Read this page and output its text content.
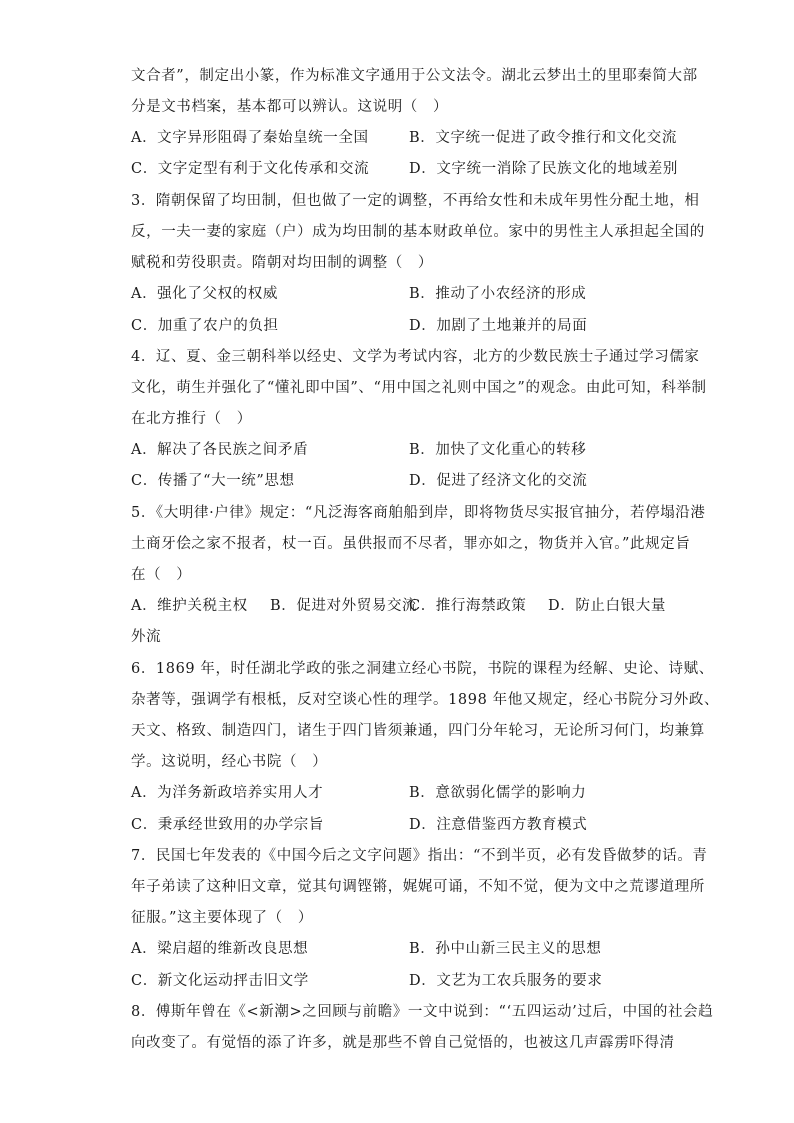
文合者”，制定出小篆，作为标准文字通用于公文法令。湖北云梦出土的里耶秦简大部
分是文书档案，基本都可以辨认。这说明（　）
A．文字异形阻碍了秦始皇统一全国	B．文字统一促进了政令推行和文化交流
C．文字定型有利于文化传承和交流	D．文字统一消除了民族文化的地域差别
3．隋朝保留了均田制，但也做了一定的调整，不再给女性和未成年男性分配土地，相
反，一夫一妻的家庭（户）成为均田制的基本财政单位。家中的男性主人承担起全国的
赋税和劳役职责。隋朝对均田制的调整（　）
A．强化了父权的权威	B．推动了小农经济的形成
C．加重了农户的负担	D．加剧了土地兼并的局面
4．辽、夏、金三朝科举以经史、文学为考试内容，北方的少数民族士子通过学习儒家
文化，萌生并强化了“懂礼即中国”、“用中国之礼则中国之”的观念。由此可知，科举制
在北方推行（　）
A．解决了各民族之间矛盾	B．加快了文化重心的转移
C．传播了“大一统”思想	D．促进了经济文化的交流
5．《大明律·户律》规定：“凡泛海客商舶船到岸，即将物货尽实报官抽分，若停塌沿港
土商牙侩之家不报者，杖一百。虽供报而不尽者，罪亦如之，物货并入官。”此规定旨
在（　）
A．维护关税主权 B．促进对外贸易交流
C．推行海禁政策 D．防止白银大量
外流
6．1869 年，时任湖北学政的张之洞建立经心书院，书院的课程为经解、史论、诗赋、
杂著等，强调学有根柢，反对空谈心性的理学。1898 年他又规定，经心书院分习外政、
天文、格致、制造四门，诸生于四门皆须兼通，四门分年轮习，无论所习何门，均兼算
学。这说明，经心书院（　）
A．为洋务新政培养实用人才	B．意欲弱化儒学的影响力
C．秉承经世致用的办学宗旨	D．注意借鉴西方教育模式
7．民国七年发表的《中国今后之文字问题》指出：“不到半页，必有发昏做梦的话。青
年子弟读了这种旧文章，觉其句调铿锵，娓娓可诵，不知不觉，便为文中之荒谬道理所
征服。”这主要体现了（　）
A．梁启超的维新改良思想	B．孙中山新三民主义的思想
C．新文化运动抨击旧文学	D．文艺为工农兵服务的要求
8．傅斯年曾在《<新潮>之回顾与前瞻》一文中说到：“‘五四运动’过后，中国的社会趋
向改变了。有觉悟的添了许多，就是那些不曾自己觉悟的，也被这几声霹雳吓得清
